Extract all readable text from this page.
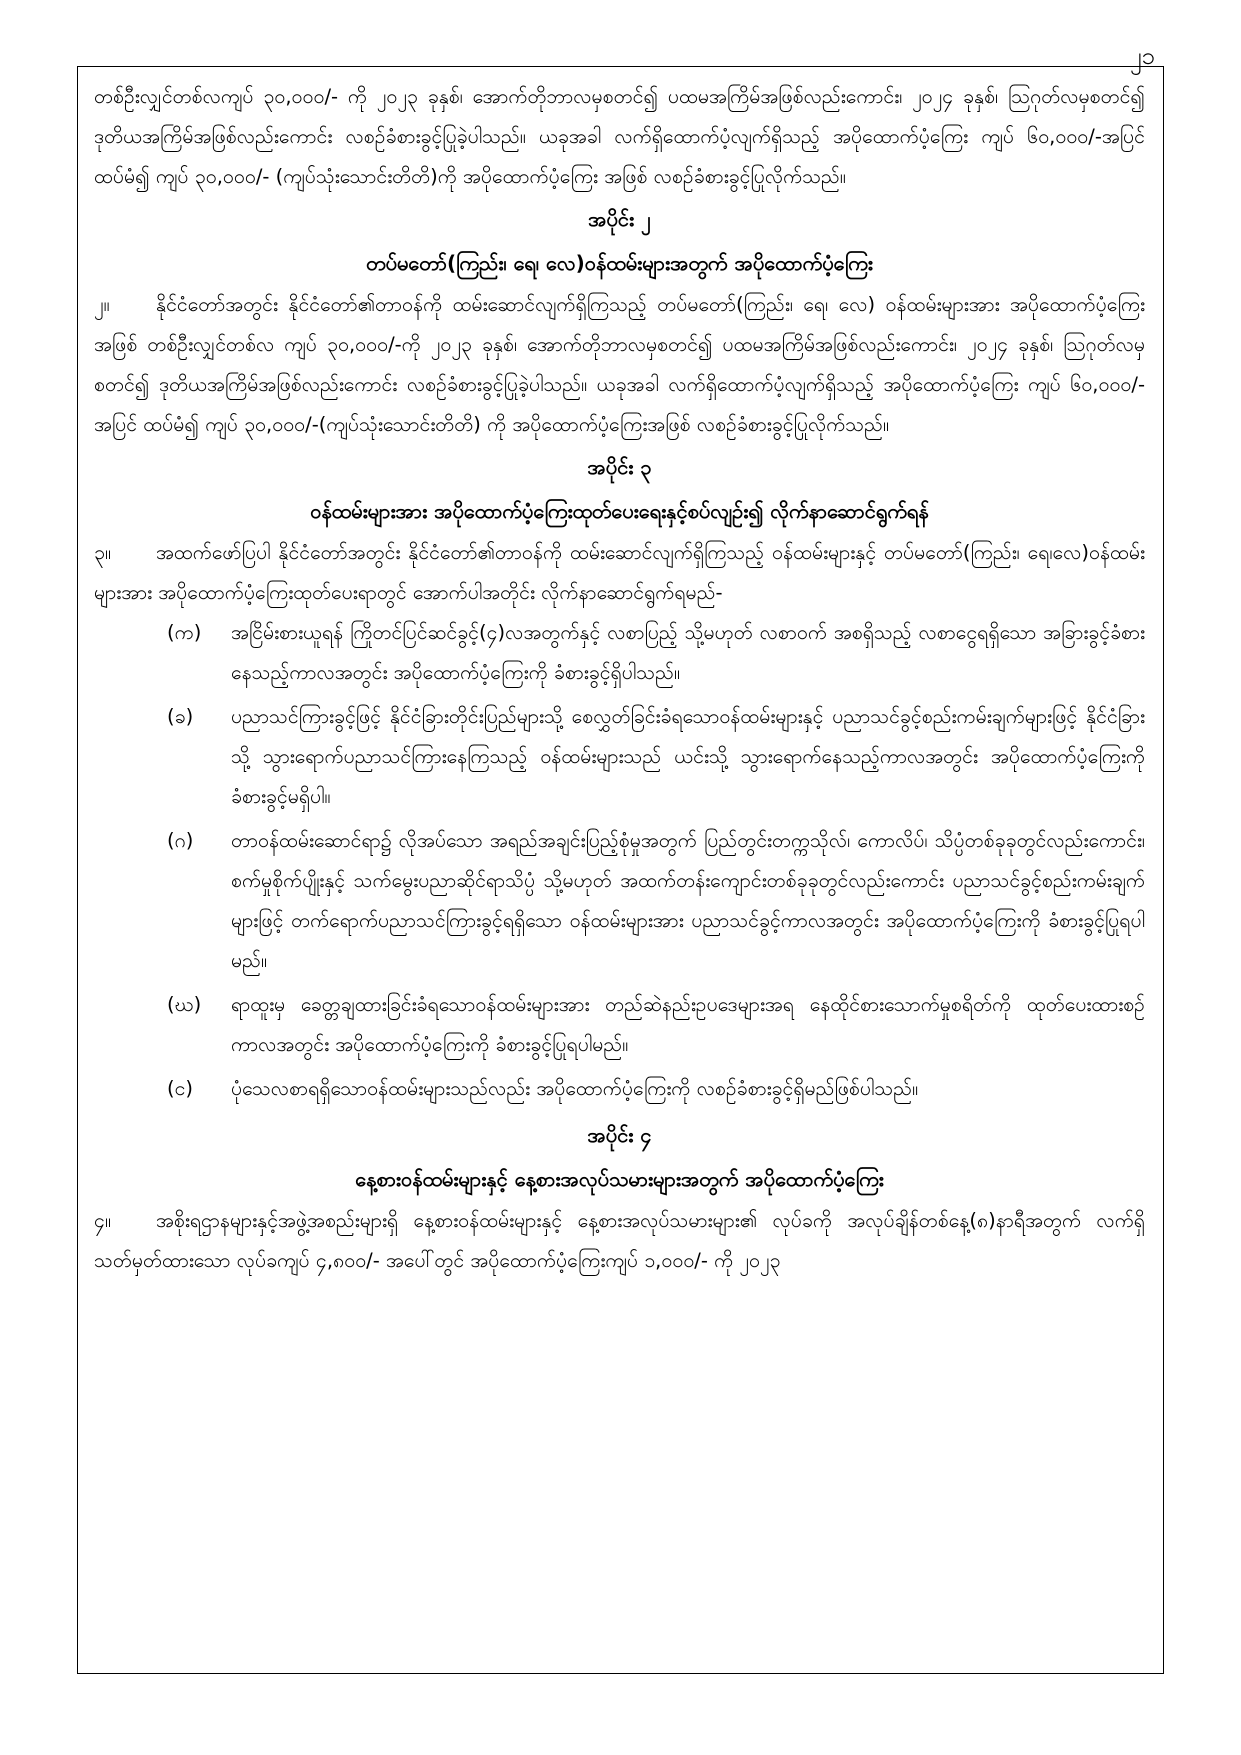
၂၁

တစ်ဦးလျှင်တစ်လကျပ် ၃၀,၀၀၀/- ကို ၂၀၂၃ ခုနှစ်၊ အောက်တိုဘာလမှစတင်၍ ပထမအကြိမ်အဖြစ်လည်းကောင်း၊ ၂၀၂၄ ခုနှစ်၊ ဩဂုတ်လမှစတင်၍ ဒုတိယအကြိမ်အဖြစ်လည်းကောင်း လစဉ်ခံစားခွင့်ပြုခဲ့ပါသည်။ ယခုအခါ လက်ရှိထောက်ပံ့လျက်ရှိသည့် အပိုထောက်ပံ့ကြေး ကျပ် ၆၀,၀၀၀/-အပြင် ထပ်မံ၍ ကျပ် ၃၀,၀၀၀/- (ကျပ်သုံးသောင်းတိတိ)ကို အပိုထောက်ပံ့ကြေး အဖြစ် လစဉ်ခံစားခွင့်ပြုလိုက်သည်။

အပိုင်း ၂

တပ်မတော်(ကြည်း၊ ရေ၊ လေ)ဝန်ထမ်းများအတွက် အပိုထောက်ပံ့ကြေး

၂။ နိုင်ငံတော်အတွင်း နိုင်ငံတော်၏တာဝန်ကို ထမ်းဆောင်လျက်ရှိကြသည့် တပ်မတော်(ကြည်း၊ ရေ၊ လေ) ဝန်ထမ်းများအား အပိုထောက်ပံ့ကြေးအဖြစ် တစ်ဦးလျှင်တစ်လ ကျပ် ၃၀,၀၀၀/-ကို ၂၀၂၃ ခုနှစ်၊ အောက်တိုဘာလမှစတင်၍ ပထမအကြိမ်အဖြစ်လည်းကောင်း၊ ၂၀၂၄ ခုနှစ်၊ ဩဂုတ်လမှစတင်၍ ဒုတိယအကြိမ်အဖြစ်လည်းကောင်း လစဉ်ခံစားခွင့်ပြုခဲ့ပါသည်။ ယခုအခါ လက်ရှိထောက်ပံ့လျက်ရှိသည့် အပိုထောက်ပံ့ကြေး ကျပ် ၆၀,၀၀၀/- အပြင် ထပ်မံ၍ ကျပ် ၃၀,၀၀၀/-(ကျပ်သုံးသောင်းတိတိ) ကို အပိုထောက်ပံ့ကြေးအဖြစ် လစဉ်ခံစားခွင့်ပြုလိုက်သည်။

အပိုင်း ၃

ဝန်ထမ်းများအား အပိုထောက်ပံ့ကြေးထုတ်ပေးရေးနှင့်စပ်လျဉ်း၍ လိုက်နာဆောင်ရွက်ရန်

၃။ အထက်ဖော်ပြပါ နိုင်ငံတော်အတွင်း နိုင်ငံတော်၏တာဝန်ကို ထမ်းဆောင်လျက်ရှိကြသည့် ဝန်ထမ်းများနှင့် တပ်မတော်(ကြည်း၊ ရေ၊လေ)ဝန်ထမ်းများအား အပိုထောက်ပံ့ကြေးထုတ်ပေးရာတွင် အောက်ပါအတိုင်း လိုက်နာဆောင်ရွက်ရမည်-

(က)	အငြိမ်းစားယူရန် ကြိုတင်ပြင်ဆင်ခွင့်(၄)လအတွက်နှင့် လစာပြည့် သို့မဟုတ် လစာဝက် အစရှိသည့် လစာငွေရရှိသော အခြားခွင့်ခံစားနေသည့်ကာလအတွင်း အပိုထောက်ပံ့ကြေးကို ခံစားခွင့်ရှိပါသည်။
(ခ)	ပညာသင်ကြားခွင့်ဖြင့် နိုင်ငံခြားတိုင်းပြည်များသို့ စေလွှတ်ခြင်းခံရသောဝန်ထမ်းများနှင့် ပညာသင်ခွင့်စည်းကမ်းချက်များဖြင့် နိုင်ငံခြားသို့ သွားရောက်ပညာသင်ကြားနေကြသည့် ဝန်ထမ်းများသည် ယင်းသို့ သွားရောက်နေသည့်ကာလအတွင်း အပိုထောက်ပံ့ကြေးကို ခံစားခွင့်မရှိပါ။
(ဂ)	တာဝန်ထမ်းဆောင်ရာ၌ လိုအပ်သော အရည်အချင်းပြည့်စုံမှုအတွက် ပြည်တွင်းတက္ကသိုလ်၊ ကောလိပ်၊ သိပ္ပံတစ်ခုခုတွင်လည်းကောင်း၊ စက်မှုစိုက်ပျိုးနှင့် သက်မွေးပညာဆိုင်ရာသိပ္ပံ သို့မဟုတ် အထက်တန်းကျောင်းတစ်ခုခုတွင်လည်းကောင်း ပညာသင်ခွင့်စည်းကမ်းချက်များဖြင့် တက်ရောက်ပညာသင်ကြားခွင့်ရရှိသော ဝန်ထမ်းများအား ပညာသင်ခွင့်ကာလအတွင်း အပိုထောက်ပံ့ကြေးကို ခံစားခွင့်ပြုရပါမည်။
(ဃ)	ရာထူးမှ ခေတ္တချထားခြင်းခံရသောဝန်ထမ်းများအား တည်ဆဲနည်းဥပဒေများအရ နေထိုင်စားသောက်မှုစရိတ်ကို ထုတ်ပေးထားစဉ်ကာလအတွင်း အပိုထောက်ပံ့ကြေးကို ခံစားခွင့်ပြုရပါမည်။
(င)	ပုံသေလစာရရှိသောဝန်ထမ်းများသည်လည်း အပိုထောက်ပံ့ကြေးကို လစဉ်ခံစားခွင့်ရှိမည်ဖြစ်ပါသည်။

အပိုင်း ၄

နေ့စားဝန်ထမ်းများနှင့် နေ့စားအလုပ်သမားများအတွက် အပိုထောက်ပံ့ကြေး

၄။ အစိုးရဌာနများနှင့်အဖွဲ့အစည်းများရှိ နေ့စားဝန်ထမ်းများနှင့် နေ့စားအလုပ်သမားများ၏ လုပ်ခကို အလုပ်ချိန်တစ်နေ့(၈)နာရီအတွက် လက်ရှိသတ်မှတ်ထားသော လုပ်ခကျပ် ၄,၈၀၀/- အပေါ်တွင် အပိုထောက်ပံ့ကြေးကျပ် ၁,၀၀၀/- ကို ၂၀၂၃
